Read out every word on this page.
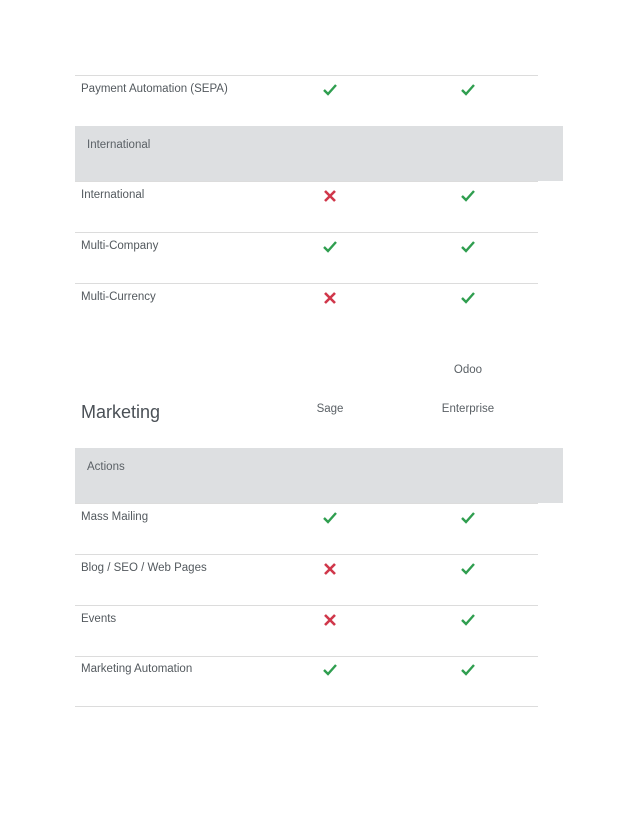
Payment Automation (SEPA)
International
International
Multi-Company
Multi-Currency
Odoo
Marketing	Sage	Enterprise
Actions
Mass Mailing
Blog / SEO / Web Pages
Events
Marketing Automation
